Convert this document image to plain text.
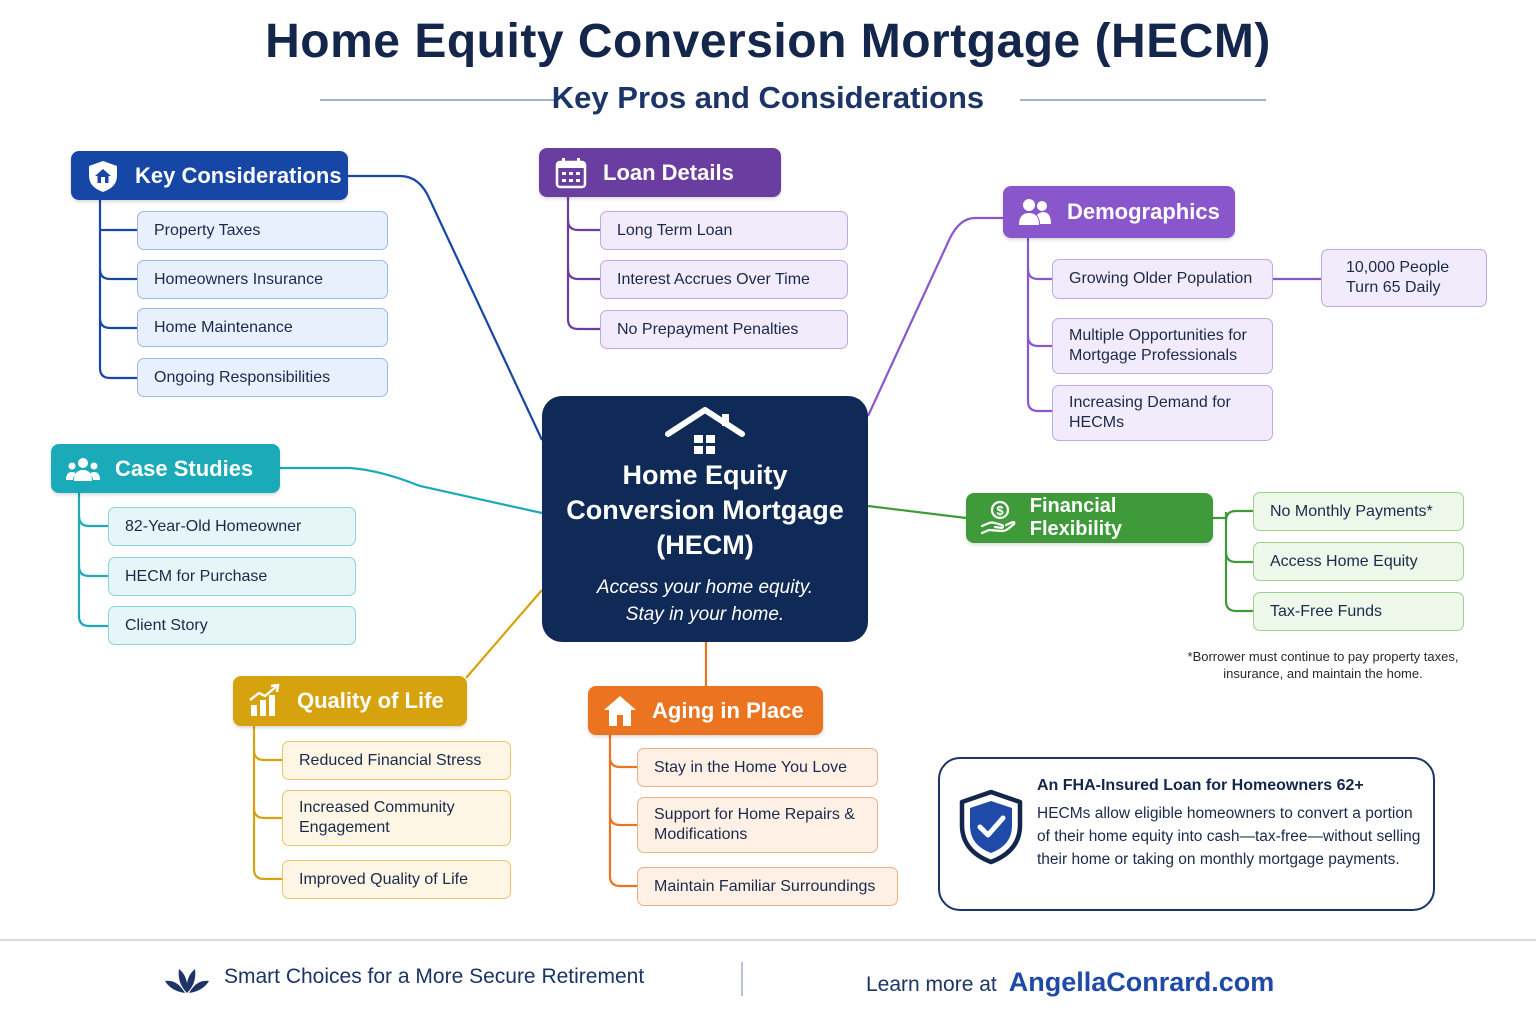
Home Equity Conversion Mortgage (HECM)
Key Pros and Considerations
Key Considerations
Property Taxes
Homeowners Insurance
Home Maintenance
Ongoing Responsibilities
Loan Details
Long Term Loan
Interest Accrues Over Time
No Prepayment Penalties
Demographics
Growing Older Population
Multiple Opportunities for Mortgage Professionals
Increasing Demand for HECMs
10,000 People Turn 65 Daily
Case Studies
82-Year-Old Homeowner
HECM for Purchase
Client Story
$ Financial Flexibility
No Monthly Payments*
Access Home Equity
Tax-Free Funds
*Borrower must continue to pay property taxes, insurance, and maintain the home.
Quality of Life
Reduced Financial Stress
Increased Community Engagement
Improved Quality of Life
Aging in Place
Stay in the Home You Love
Support for Home Repairs & Modifications
Maintain Familiar Surroundings
Home Equity
Conversion Mortgage
(HECM)
Access your home equity.
Stay in your home.
An FHA-Insured Loan for Homeowners 62+
HECMs allow eligible homeowners to convert a portion of their home equity into cash—tax-free—without selling their home or taking on monthly mortgage payments.
Smart Choices for a More Secure Retirement	Learn more at AngellaConrard.com
